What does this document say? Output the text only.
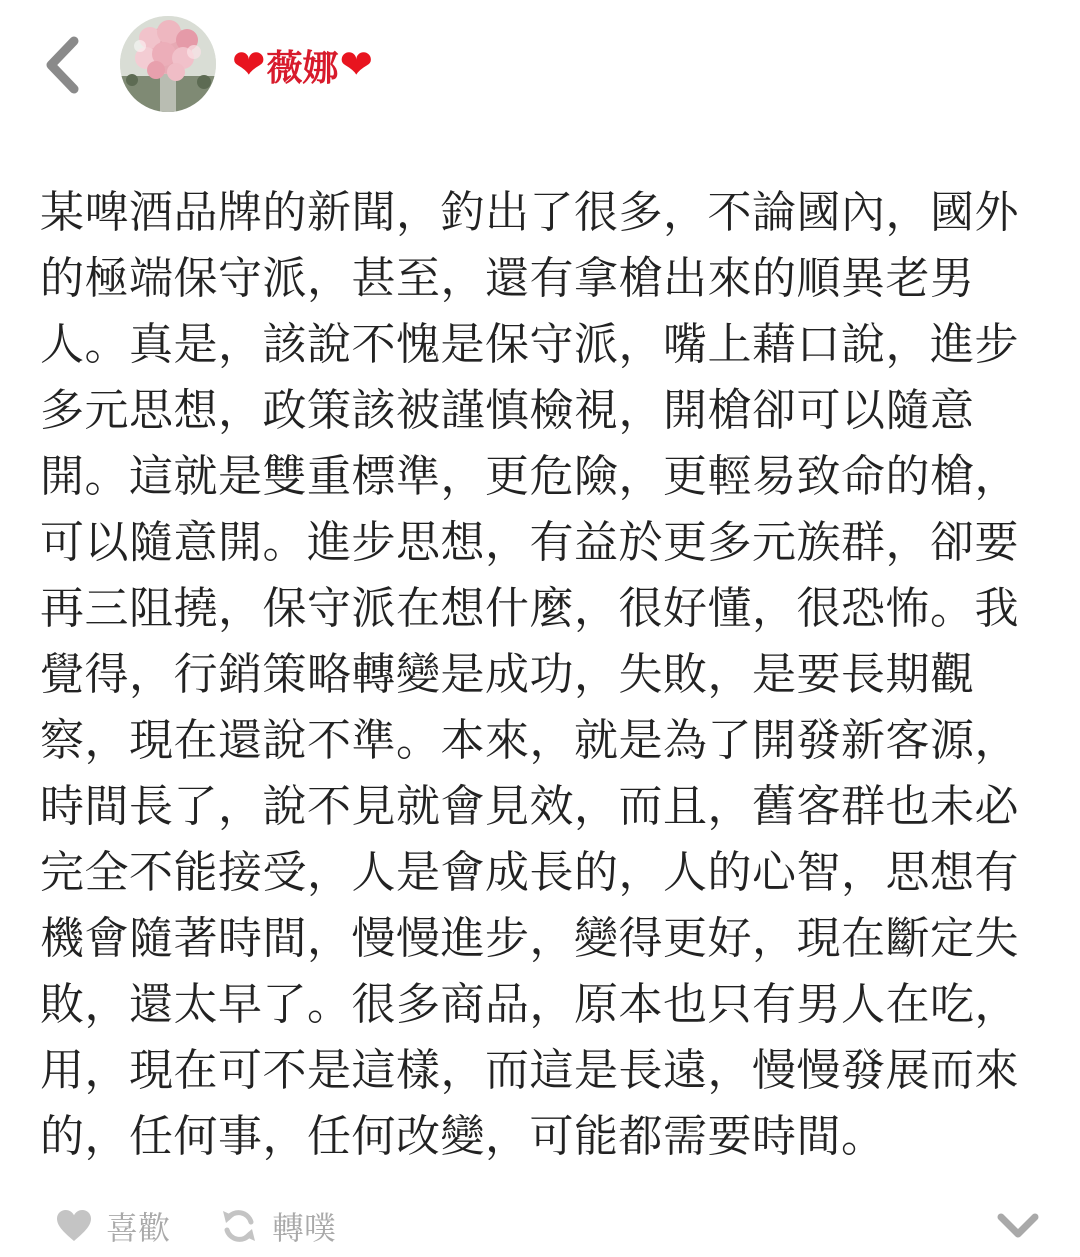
❤ 薇娜 ❤

某啤酒品牌的新聞，釣出了很多，不論國內，國外的極端保守派，甚至，還有拿槍出來的順異老男人。真是，該說不愧是保守派，嘴上藉口說，進步多元思想，政策該被謹慎檢視，開槍卻可以隨意開。這就是雙重標準，更危險，更輕易致命的槍，可以隨意開。進步思想，有益於更多元族群，卻要再三阻撓，保守派在想什麼，很好懂，很恐怖。我覺得，行銷策略轉變是成功，失敗，是要長期觀察，現在還說不準。本來，就是為了開發新客源，時間長了，說不見就會見效，而且，舊客群也未必完全不能接受，人是會成長的，人的心智，思想有機會隨著時間，慢慢進步，變得更好，現在斷定失敗，還太早了。很多商品，原本也只有男人在吃，用，現在可不是這樣，而這是長遠，慢慢發展而來的，任何事，任何改變，可能都需要時間。

喜歡	轉噗
